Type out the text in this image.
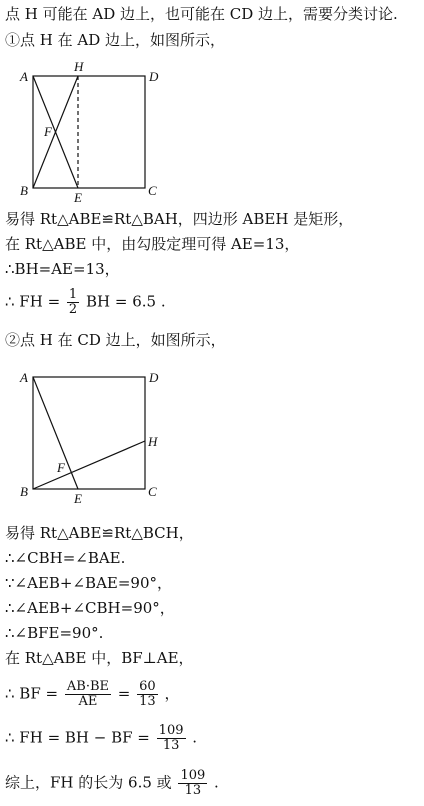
点 H 可能在 AD 边上，也可能在 CD 边上，需要分类讨论.
①点 H 在 AD 边上，如图所示，
A
H
D
F
B	E	C
易得 Rt△ABE≌Rt△BAH，四边形 ABEH 是矩形，
在 Rt△ABE 中，由勾股定理可得 AE=13，
∴BH=AE=13，
∴ FH = $\frac{1}{2}$ BH = 6.5 .
②点 H 在 CD 边上，如图所示，
A	D
H
F
B	E	C
易得 Rt△ABE≌Rt△BCH，
∴∠CBH=∠BAE.
∵∠AEB+∠BAE=90°，
∴∠AEB+∠CBH=90°，
∴∠BFE=90°.
在 Rt△ABE 中，BF⊥AE，
∴ BF = $\frac{AB\cdot BE}{AE} = \frac{60}{13}$ ，
∴ FH = BH − BF = $\frac{109}{13}$ .
综上，FH 的长为 6.5 或 $\frac{109}{13}$ .
